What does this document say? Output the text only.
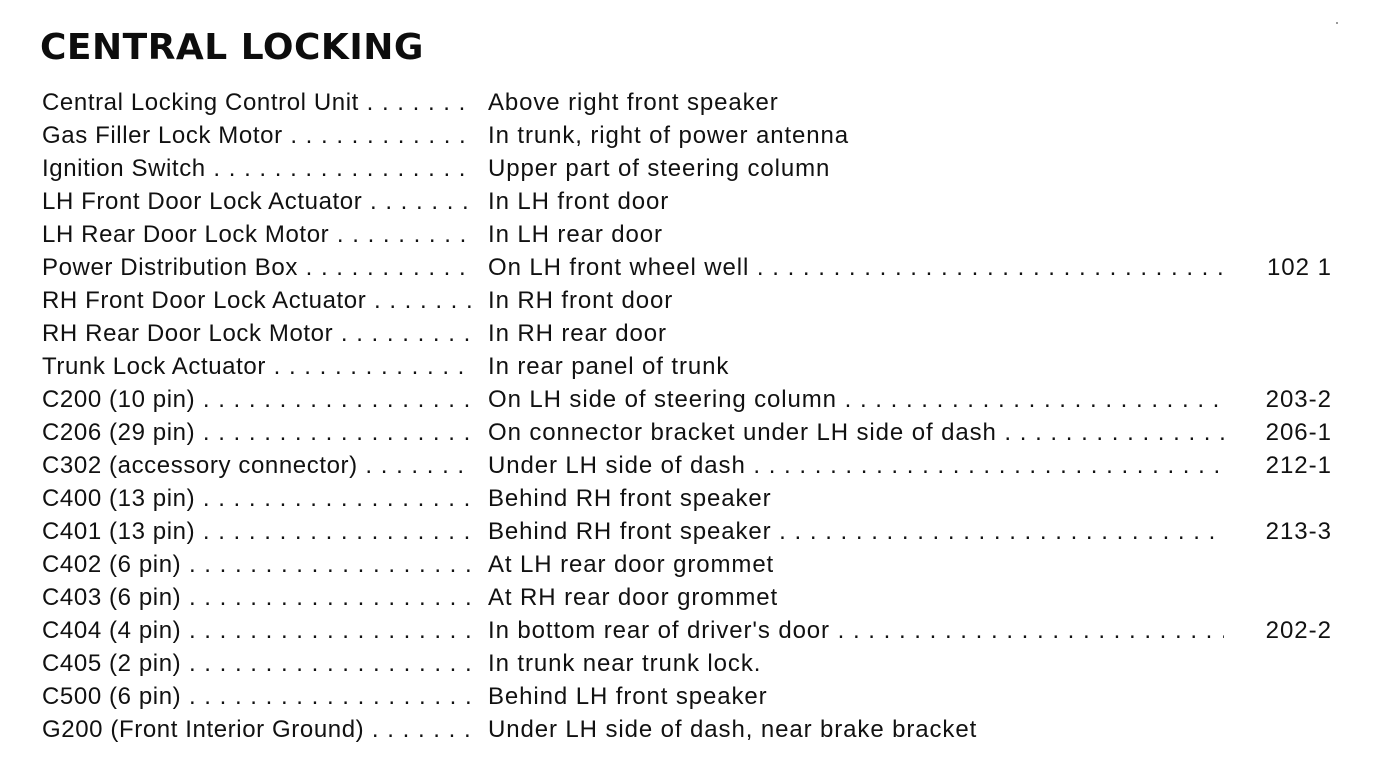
CENTRAL LOCKING
Central Locking Control Unit . . .	Above right front speaker
Gas Filler Lock Motor . . .	In trunk, right of power antenna
Ignition Switch . . .	Upper part of steering column
LH Front Door Lock Actuator . . .	In LH front door
LH Rear Door Lock Motor . . .	In LH rear door
Power Distribution Box . . .	On LH front wheel well . . .	102 1
RH Front Door Lock Actuator . . .	In RH front door
RH Rear Door Lock Motor . . .	In RH rear door
Trunk Lock Actuator . . .	In rear panel of trunk
C200 (10 pin) . . .	On LH side of steering column . . .	203-2
C206 (29 pin) . . .	On connector bracket under LH side of dash . . .	206-1
C302 (accessory connector) . . .	Under LH side of dash . . .	212-1
C400 (13 pin) . . .	Behind RH front speaker
C401 (13 pin) . . .	Behind RH front speaker . . .	213-3
C402 (6 pin) . . .	At LH rear door grommet
C403 (6 pin) . . .	At RH rear door grommet
C404 (4 pin) . . .	In bottom rear of driver's door . . .	202-2
C405 (2 pin) . . .	In trunk near trunk lock.
C500 (6 pin) . . .	Behind LH front speaker
G200 (Front Interior Ground) . . .	Under LH side of dash, near brake bracket
